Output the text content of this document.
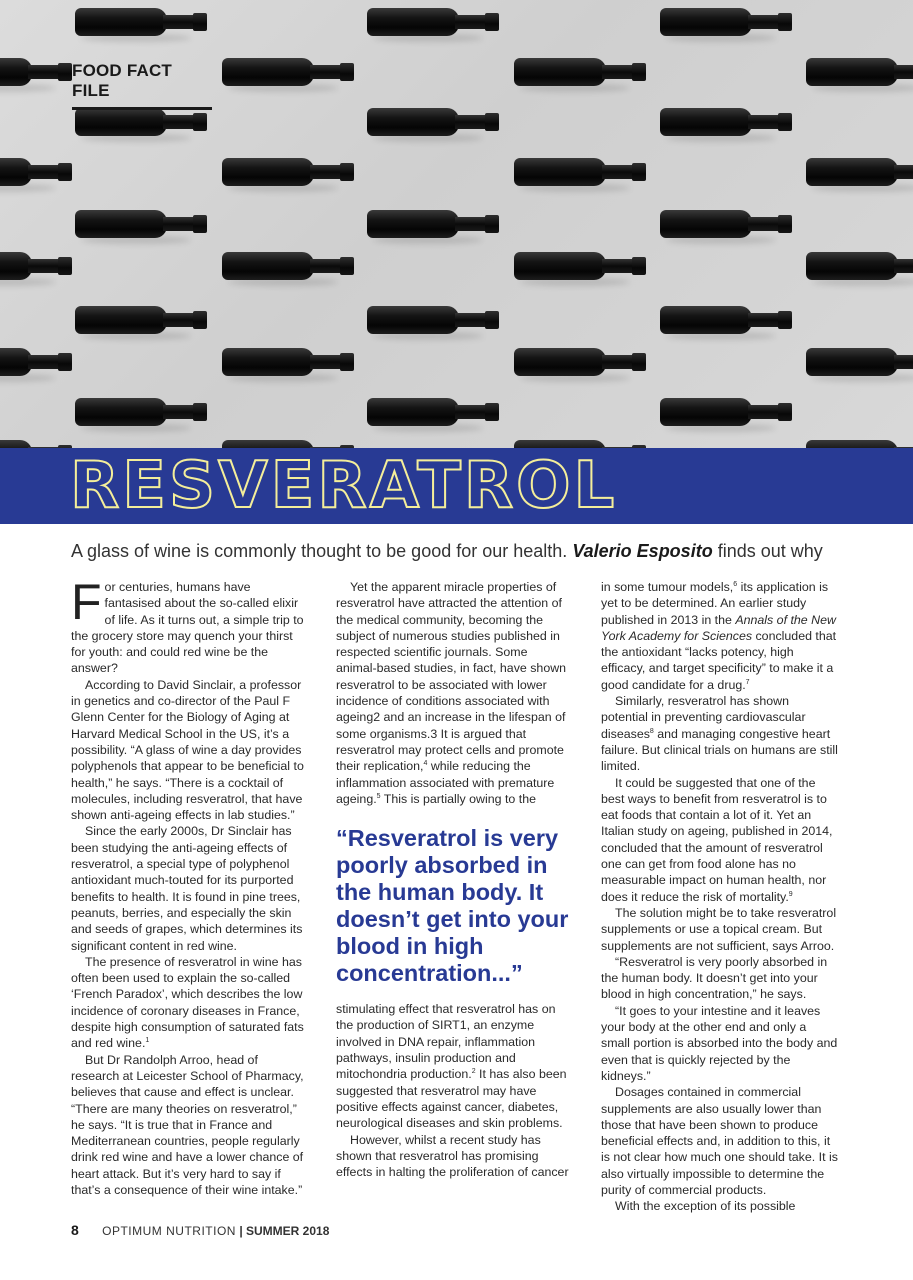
FOOD FACT FILE
RESVERATROL
A glass of wine is commonly thought to be good for our health. Valerio Esposito finds out why

For centuries, humans have fantasised about the so-called elixir of life. As it turns out, a simple trip to the grocery store may quench your thirst for youth: and could red wine be the answer?

According to David Sinclair, a professor in genetics and co-director of the Paul F Glenn Center for the Biology of Aging at Harvard Medical School in the US, it’s a possibility. “A glass of wine a day provides polyphenols that appear to be beneficial to health,” he says. “There is a cocktail of molecules, including resveratrol, that have shown anti-ageing effects in lab studies.”

Since the early 2000s, Dr Sinclair has been studying the anti-ageing effects of resveratrol, a special type of polyphenol antioxidant much-touted for its purported benefits to health. It is found in pine trees, peanuts, berries, and especially the skin and seeds of grapes, which determines its significant content in red wine.

The presence of resveratrol in wine has often been used to explain the so-called ‘French Paradox’, which describes the low incidence of coronary diseases in France, despite high consumption of saturated fats and red wine.$^1$

But Dr Randolph Arroo, head of research at Leicester School of Pharmacy, believes that cause and effect is unclear. “There are many theories on resveratrol,” he says. “It is true that in France and Mediterranean countries, people regularly drink red wine and have a lower chance of heart attack. But it’s very hard to say if that’s a consequence of their wine intake.”

Yet the apparent miracle properties of resveratrol have attracted the attention of the medical community, becoming the subject of numerous studies published in respected scientific journals. Some animal-based studies, in fact, have shown resveratrol to be associated with lower incidence of conditions associated with ageing2 and an increase in the lifespan of some organisms.3 It is argued that resveratrol may protect cells and promote their replication,$^4$ while reducing the inflammation associated with premature ageing.$^5$ This is partially owing to the

“Resveratrol is very poorly absorbed in the human body. It doesn’t get into your blood in high concentration...”

stimulating effect that resveratrol has on the production of SIRT1, an enzyme involved in DNA repair, inflammation pathways, insulin production and mitochondria production.$^2$ It has also been suggested that resveratrol may have positive effects against cancer, diabetes, neurological diseases and skin problems.

However, whilst a recent study has shown that resveratrol has promising effects in halting the proliferation of cancer

in some tumour models,$^6$ its application is yet to be determined. An earlier study published in 2013 in the Annals of the New York Academy for Sciences concluded that the antioxidant “lacks potency, high efficacy, and target specificity” to make it a good candidate for a drug.$^7$

Similarly, resveratrol has shown potential in preventing cardiovascular diseases$^8$ and managing congestive heart failure. But clinical trials on humans are still limited.

It could be suggested that one of the best ways to benefit from resveratrol is to eat foods that contain a lot of it. Yet an Italian study on ageing, published in 2014, concluded that the amount of resveratrol one can get from food alone has no measurable impact on human health, nor does it reduce the risk of mortality.$^9$

The solution might be to take resveratrol supplements or use a topical cream. But supplements are not sufficient, says Arroo.

“Resveratrol is very poorly absorbed in the human body. It doesn’t get into your blood in high concentration,” he says.

“It goes to your intestine and it leaves your body at the other end and only a small portion is absorbed into the body and even that is quickly rejected by the kidneys.”

Dosages contained in commercial supplements are also usually lower than those that have been shown to produce beneficial effects and, in addition to this, it is not clear how much one should take. It is also virtually impossible to determine the purity of commercial products.

With the exception of its possible

8 OPTIMUM NUTRITION | SUMMER 2018
